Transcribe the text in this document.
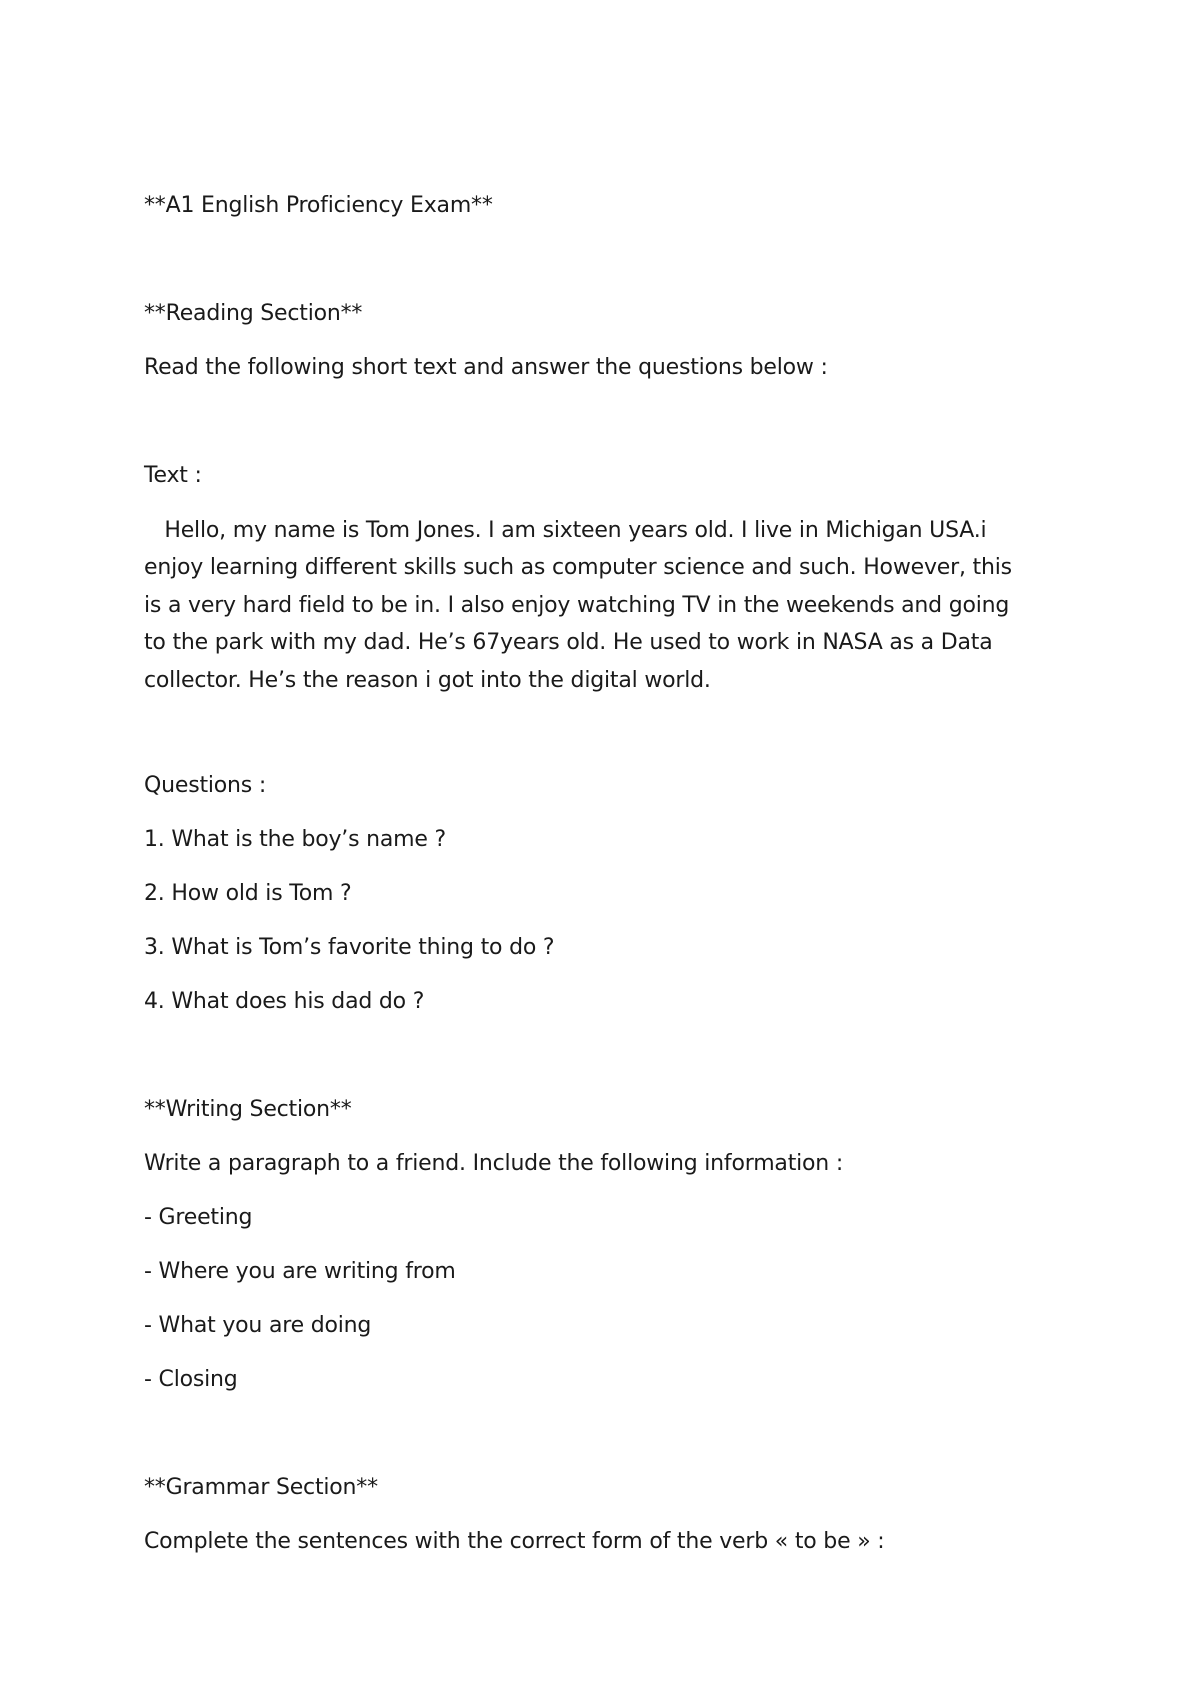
**A1 English Proficiency Exam**

**Reading Section**

Read the following short text and answer the questions below :

Text :

Hello, my name is Tom Jones. I am sixteen years old. I live in Michigan USA.i
enjoy learning different skills such as computer science and such. However, this
is a very hard field to be in. I also enjoy watching TV in the weekends and going
to the park with my dad. He’s 67years old. He used to work in NASA as a Data
collector. He’s the reason i got into the digital world.

Questions :

1. What is the boy’s name ?

2. How old is Tom ?

3. What is Tom’s favorite thing to do ?

4. What does his dad do ?

**Writing Section**

Write a paragraph to a friend. Include the following information :

- Greeting

- Where you are writing from

- What you are doing

- Closing

**Grammar Section**

Complete the sentences with the correct form of the verb « to be » :
